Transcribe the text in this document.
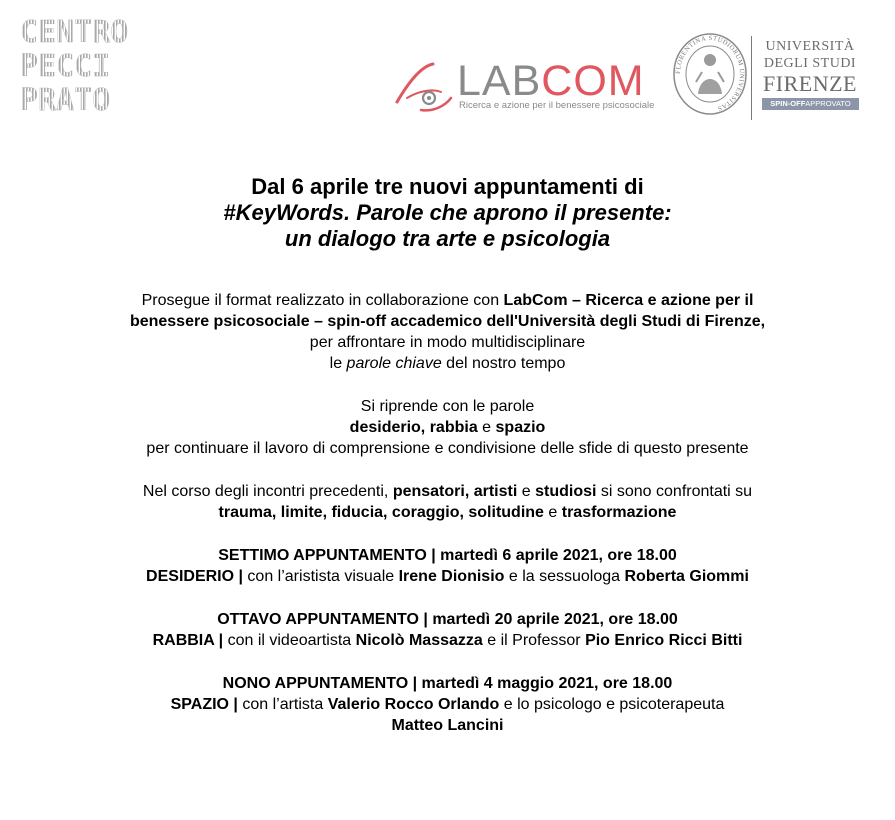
CENTRO
PECCI
PRATO	LABCOM
Ricerca e azione per il benessere psicosociale
FLORENTINA STUDIORUM UNIVERSITAS
UNIVERSITÀ
DEGLI STUDI
FIRENZE
SPIN-OFFAPPROVATO

Dal 6 aprile tre nuovi appuntamenti di
#KeyWords. Parole che aprono il presente:
un dialogo tra arte e psicologia

Prosegue il format realizzato in collaborazione con LabCom – Ricerca e azione per il
benessere psicosociale – spin-off accademico dell'Università degli Studi di Firenze,
per affrontare in modo multidisciplinare
le parole chiave del nostro tempo

Si riprende con le parole
desiderio, rabbia e spazio
per continuare il lavoro di comprensione e condivisione delle sfide di questo presente

Nel corso degli incontri precedenti, pensatori, artisti e studiosi si sono confrontati su
trauma, limite, fiducia, coraggio, solitudine e trasformazione

SETTIMO APPUNTAMENTO | martedì 6 aprile 2021, ore 18.00
DESIDERIO | con l’aristista visuale Irene Dionisio e la sessuologa Roberta Giommi

OTTAVO APPUNTAMENTO | martedì 20 aprile 2021, ore 18.00
RABBIA | con il videoartista Nicolò Massazza e il Professor Pio Enrico Ricci Bitti

NONO APPUNTAMENTO | martedì 4 maggio 2021, ore 18.00
SPAZIO | con l’artista Valerio Rocco Orlando e lo psicologo e psicoterapeuta
Matteo Lancini
